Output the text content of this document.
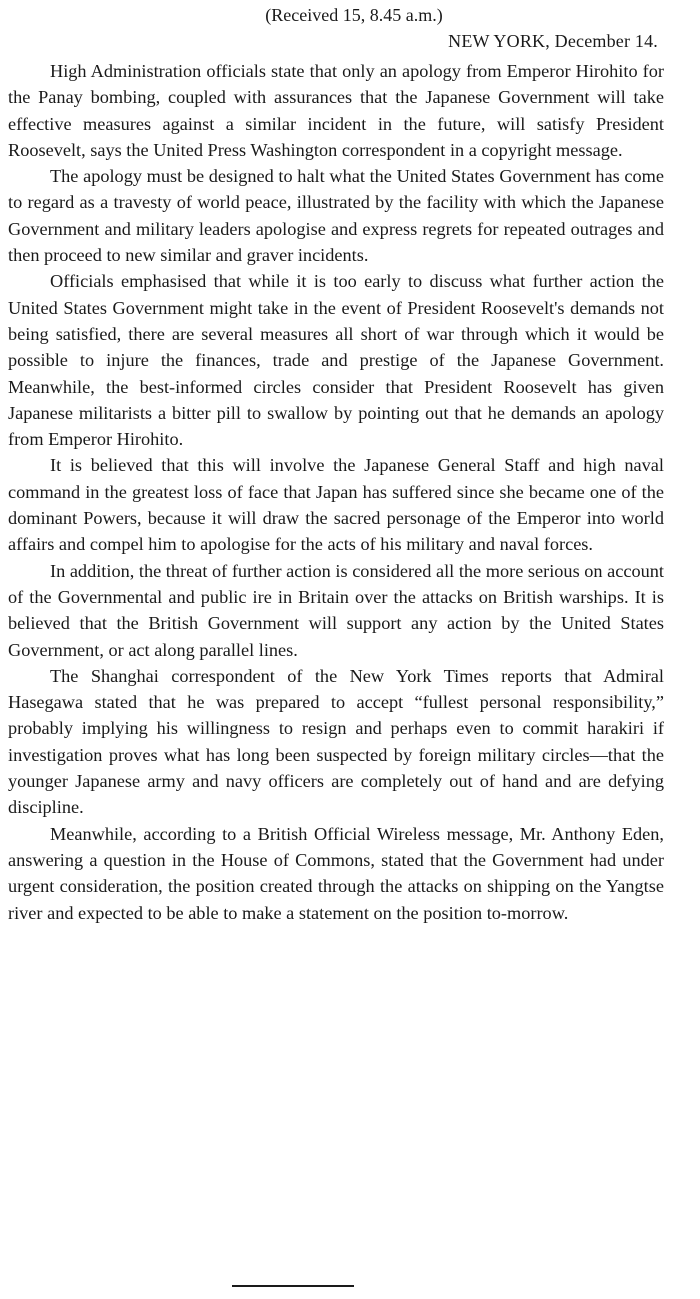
(Received 15, 8.45 a.m.)

NEW YORK, December 14.

High Administration officials state that only an apology from Emperor Hirohito for the Panay bombing, coupled with assurances that the Japanese Government will take effective measures against a similar incident in the future, will satisfy President Roosevelt, says the United Press Washington correspondent in a copyright message.

The apology must be designed to halt what the United States Government has come to regard as a travesty of world peace, illustrated by the facility with which the Japanese Government and military leaders apologise and express regrets for repeated outrages and then proceed to new similar and graver incidents.

Officials emphasised that while it is too early to discuss what further action the United States Government might take in the event of President Roosevelt's demands not being satisfied, there are several measures all short of war through which it would be possible to injure the finances, trade and prestige of the Japanese Government. Meanwhile, the best-informed circles consider that President Roosevelt has given Japanese militarists a bitter pill to swallow by pointing out that he demands an apology from Emperor Hirohito.

It is believed that this will involve the Japanese General Staff and high naval command in the greatest loss of face that Japan has suffered since she became one of the dominant Powers, because it will draw the sacred personage of the Emperor into world affairs and compel him to apologise for the acts of his military and naval forces.

In addition, the threat of further action is considered all the more serious on account of the Governmental and public ire in Britain over the attacks on British warships. It is believed that the British Government will support any action by the United States Government, or act along parallel lines.

The Shanghai correspondent of the New York Times reports that Admiral Hasegawa stated that he was prepared to accept “fullest personal responsibility,” probably implying his willingness to resign and perhaps even to commit harakiri if investigation proves what has long been suspected by foreign military circles—that the younger Japanese army and navy officers are completely out of hand and are defying discipline.

Meanwhile, according to a British Official Wireless message, Mr. Anthony Eden, answering a question in the House of Commons, stated that the Government had under urgent consideration, the position created through the attacks on shipping on the Yangtse river and expected to be able to make a statement on the position to-morrow.
